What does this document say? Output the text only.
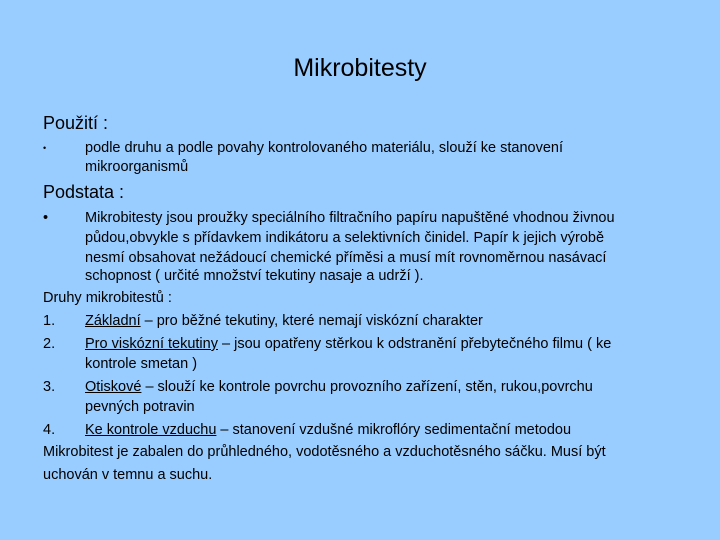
Mikrobitesty
Použití :
•	podle druhu a podle povahy kontrolovaného materiálu, slouží ke stanovení
mikroorganismů
Podstata :
•	Mikrobitesty jsou proužky speciálního filtračního papíru napuštěné vhodnou živnou
půdou,obvykle s přídavkem indikátoru a selektivních činidel. Papír k jejich výrobě
nesmí obsahovat nežádoucí chemické příměsi a musí mít rovnoměrnou nasávací
schopnost ( určité množství tekutiny nasaje a udrží ).
Druhy mikrobitestů :
1. Základní – pro běžné tekutiny, které nemají viskózní charakter
2. Pro viskózní tekutiny – jsou opatřeny stěrkou k odstranění přebytečného filmu ( ke
kontrole smetan )
3. Otiskové – slouží ke kontrole povrchu provozního zařízení, stěn, rukou,povrchu
pevných potravin
4. Ke kontrole vzduchu – stanovení vzdušné mikroflóry sedimentační metodou
Mikrobitest je zabalen do průhledného, vodotěsného a vzduchotěsného sáčku. Musí být
uchován v temnu a suchu.
